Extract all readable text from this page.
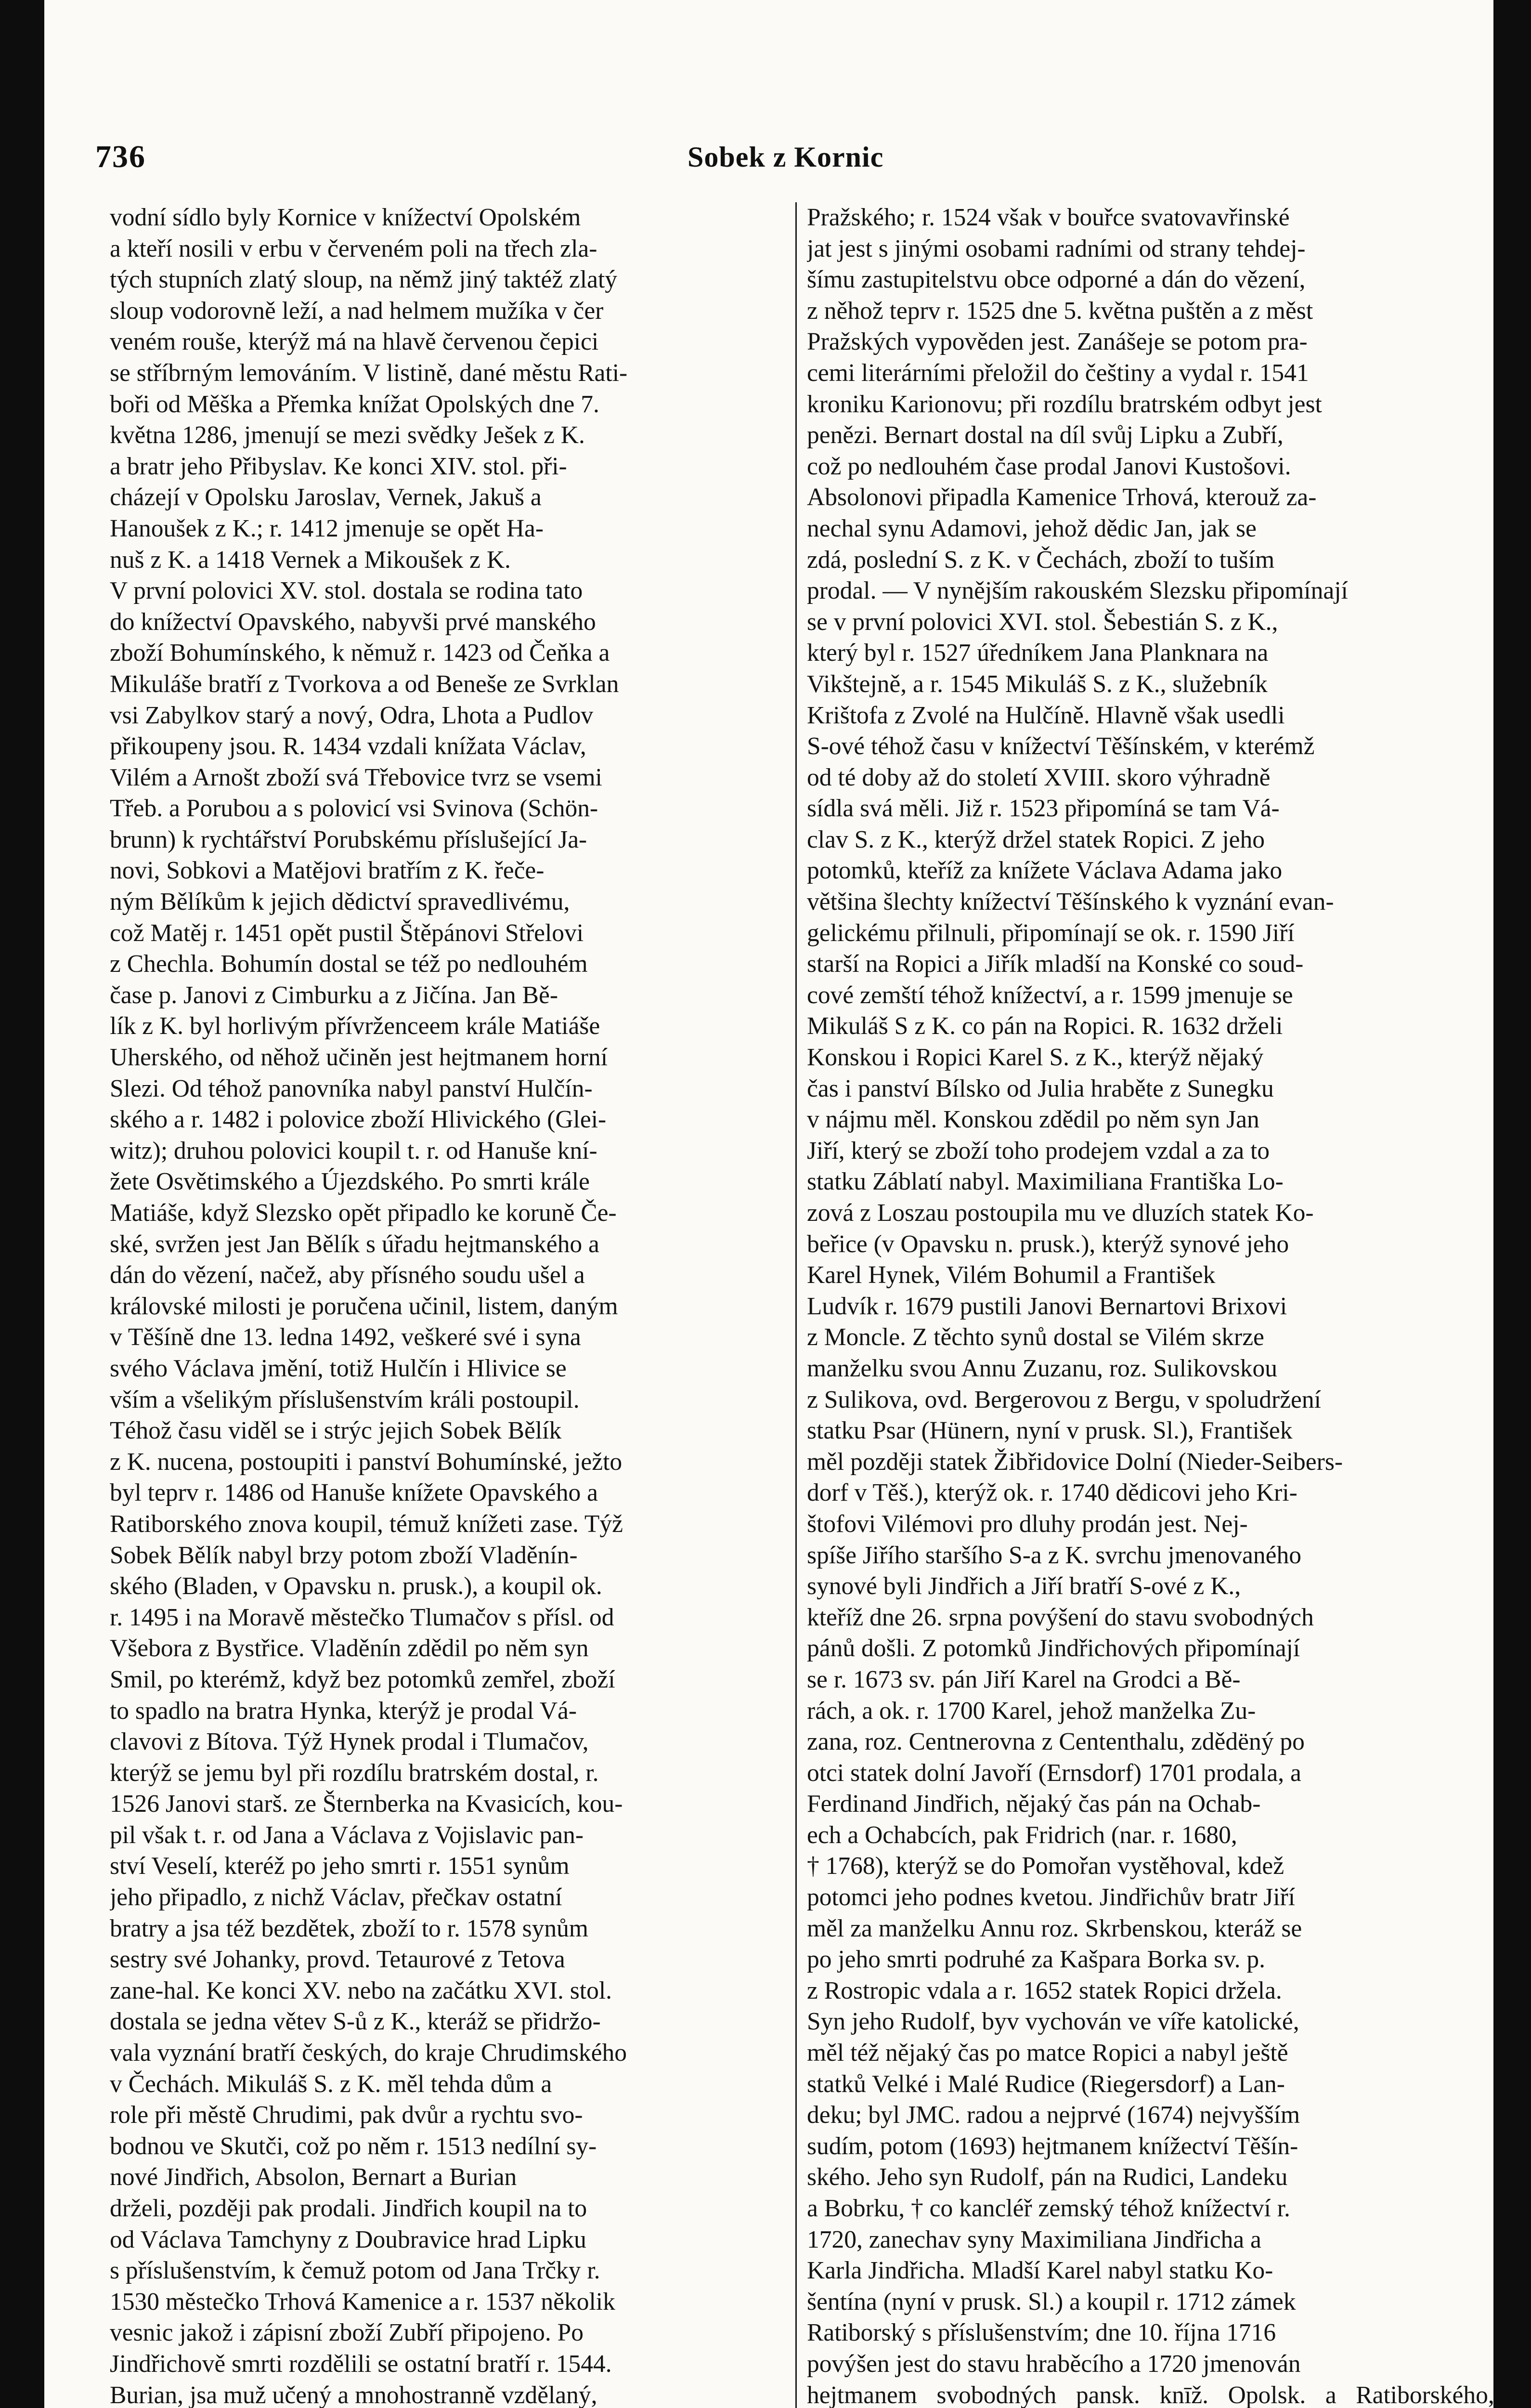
736	Sobek z Kornic
vodní sídlo byly Kornice v knížectví Opolském
a kteří nosili v erbu v červeném poli na třech zla-
tých stupních zlatý sloup, na němž jiný taktéž zlatý
sloup vodorovně leží, a nad helmem mužíka v čer
veném rouše, kterýž má na hlavě červenou čepici
se stříbrným lemováním. V listině, dané městu Rati-
boři od Měška a Přemka knížat Opolských dne 7.
května 1286, jmenují se mezi svědky Ješek z K.
a bratr jeho Přibyslav. Ke konci XIV. stol. při-
cházejí v Opolsku Jaroslav, Vernek, Jakuš a
Hanoušek z K.; r. 1412 jmenuje se opět Ha-
nuš z K. a 1418 Vernek a Mikoušek z K.
V první polovici XV. stol. dostala se rodina tato
do knížectví Opavského, nabyvši prvé manského
zboží Bohumínského, k němuž r. 1423 od Čeňka a
Mikuláše bratří z Tvorkova a od Beneše ze Svrklan
vsi Zabylkov starý a nový, Odra, Lhota a Pudlov
přikoupeny jsou. R. 1434 vzdali knížata Václav,
Vilém a Arnošt zboží svá Třebovice tvrz se vsemi
Třeb. a Porubou a s polovicí vsi Svinova (Schön-
brunn) k rychtářství Porubskému příslušející Ja-
novi, Sobkovi a Matějovi bratřím z K. řeče-
ným Bělíkům k jejich dědictví spravedlivému,
což Matěj r. 1451 opět pustil Štěpánovi Střelovi
z Chechla. Bohumín dostal se též po nedlouhém
čase p. Janovi z Cimburku a z Jičína. Jan Bě-
lík z K. byl horlivým přívrženceem krále Matiáše
Uherského, od něhož učiněn jest hejtmanem horní
Slezi. Od téhož panovníka nabyl panství Hulčín-
ského a r. 1482 i polovice zboží Hlivického (Glei-
witz); druhou polovici koupil t. r. od Hanuše kní-
žete Osvětimského a Újezdského. Po smrti krále
Matiáše, když Slezsko opět připadlo ke koruně Če-
ské, svržen jest Jan Bělík s úřadu hejtmanského a
dán do vězení, načež, aby přísného soudu ušel a
královské milosti je poručena učinil, listem, daným
v Těšíně dne 13. ledna 1492, veškeré své i syna
svého Václava jmění, totiž Hulčín i Hlivice se
vším a všelikým příslušenstvím králi postoupil.
Téhož času viděl se i strýc jejich Sobek Bělík
z K. nucena, postoupiti i panství Bohumínské, ježto
byl teprv r. 1486 od Hanuše knížete Opavského a
Ratiborského znova koupil, témuž knížeti zase. Týž
Sobek Bělík nabyl brzy potom zboží Vladěnín-
ského (Bladen, v Opavsku n. prusk.), a koupil ok.
r. 1495 i na Moravě městečko Tlumačov s přísl. od
Všebora z Bystřice. Vladěnín zdědil po něm syn
Smil, po kterémž, když bez potomků zemřel, zboží
to spadlo na bratra Hynka, kterýž je prodal Vá-
clavovi z Bítova. Týž Hynek prodal i Tlumačov,
kterýž se jemu byl při rozdílu bratrském dostal, r.
1526 Janovi starš. ze Šternberka na Kvasicích, kou-
pil však t. r. od Jana a Václava z Vojislavic pan-
ství Veselí, kteréž po jeho smrti r. 1551 synům
jeho připadlo, z nichž Václav, přečkav ostatní
bratry a jsa též bezdětek, zboží to r. 1578 synům
sestry své Johanky, provd. Tetaurové z Tetova
zane-hal. Ke konci XV. nebo na začátku XVI. stol.
dostala se jedna větev S-ů z K., kteráž se přidržo-
vala vyznání bratří českých, do kraje Chrudimského
v Čechách. Mikuláš S. z K. měl tehda dům a
role při městě Chrudimi, pak dvůr a rychtu svo-
bodnou ve Skutči, což po něm r. 1513 nedílní sy-
nové Jindřich, Absolon, Bernart a Burian
drželi, později pak prodali. Jindřich koupil na to
od Václava Tamchyny z Doubravice hrad Lipku
s příslušenstvím, k čemuž potom od Jana Trčky r.
1530 městečko Trhová Kamenice a r. 1537 několik
vesnic jakož i zápisní zboží Zubří připojeno. Po
Jindřichově smrti rozdělili se ostatní bratří r. 1544.
Burian, jsa muž učený a mnohostranně vzdělaný,
Pražského; r. 1524 však v bouřce svatovavřinské
jat jest s jinými osobami radními od strany tehdej-
šímu zastupitelstvu obce odporné a dán do vězení,
z něhož teprv r. 1525 dne 5. května puštěn a z měst
Pražských vypověden jest. Zanášeje se potom pra-
cemi literárními přeložil do češtiny a vydal r. 1541
kroniku Karionovu; při rozdílu bratrském odbyt jest
penězi. Bernart dostal na díl svůj Lipku a Zubří,
což po nedlouhém čase prodal Janovi Kustošovi.
Absolonovi připadla Kamenice Trhová, kterouž za-
nechal synu Adamovi, jehož dědic Jan, jak se
zdá, poslední S. z K. v Čechách, zboží to tuším
prodal. — V nynějším rakouském Slezsku připomínají
se v první polovici XVI. stol. Šebestián S. z K.,
který byl r. 1527 úředníkem Jana Planknara na
Vikštejně, a r. 1545 Mikuláš S. z K., služebník
Krištofa z Zvolé na Hulčíně. Hlavně však usedli
S-ové téhož času v knížectví Těšínském, v kterémž
od té doby až do století XVIII. skoro výhradně
sídla svá měli. Již r. 1523 připomíná se tam Vá-
clav S. z K., kterýž držel statek Ropici. Z jeho
potomků, kteříž za knížete Václava Adama jako
většina šlechty knížectví Těšínského k vyznání evan-
gelickému přilnuli, připomínají se ok. r. 1590 Jiří
starší na Ropici a Jiřík mladší na Konské co soud-
cové zemští téhož knížectví, a r. 1599 jmenuje se
Mikuláš S z K. co pán na Ropici. R. 1632 drželi
Konskou i Ropici Karel S. z K., kterýž nějaký
čas i panství Bílsko od Julia hraběte z Sunegku
v nájmu měl. Konskou zdědil po něm syn Jan
Jiří, který se zboží toho prodejem vzdal a za to
statku Záblatí nabyl. Maximiliana Františka Lo-
zová z Loszau postoupila mu ve dluzích statek Ko-
beřice (v Opavsku n. prusk.), kterýž synové jeho
Karel Hynek, Vilém Bohumil a František
Ludvík r. 1679 pustili Janovi Bernartovi Brixovi
z Moncle. Z těchto synů dostal se Vilém skrze
manželku svou Annu Zuzanu, roz. Sulikovskou
z Sulikova, ovd. Bergerovou z Bergu, v spoludržení
statku Psar (Hünern, nyní v prusk. Sl.), František
měl později statek Žibřidovice Dolní (Nieder-Seibers-
dorf v Těš.), kterýž ok. r. 1740 dědicovi jeho Kri-
štofovi Vilémovi pro dluhy prodán jest. Nej-
spíše Jiřího staršího S-a z K. svrchu jmenovaného
synové byli Jindřich a Jiří bratří S-ové z K.,
kteříž dne 26. srpna povýšení do stavu svobodných
pánů došli. Z potomků Jindřichových připomínají
se r. 1673 sv. pán Jiří Karel na Grodci a Bě-
rách, a ok. r. 1700 Karel, jehož manželka Zu-
zana, roz. Centnerovna z Cententhalu, zdědëný po
otci statek dolní Javoří (Ernsdorf) 1701 prodala, a
Ferdinand Jindřich, nějaký čas pán na Ochab-
ech a Ochabcích, pak Fridrich (nar. r. 1680,
† 1768), kterýž se do Pomořan vystěhoval, kdež
potomci jeho podnes kvetou. Jindřichův bratr Jiří
měl za manželku Annu roz. Skrbenskou, kteráž se
po jeho smrti podruhé za Kašpara Borka sv. p.
z Rostropic vdala a r. 1652 statek Ropici držela.
Syn jeho Rudolf, byv vychován ve víře katolické,
měl též nějaký čas po matce Ropici a nabyl ještě
statků Velké i Malé Rudice (Riegersdorf) a Lan-
deku; byl JMC. radou a nejprvé (1674) nejvyšším
sudím, potom (1693) hejtmanem knížectví Těšín-
ského. Jeho syn Rudolf, pán na Rudici, Landeku
a Bobrku, † co kancléř zemský téhož knížectví r.
1720, zanechav syny Maximiliana Jindřicha a
Karla Jindřicha. Mladší Karel nabyl statku Ko-
šentína (nyní v prusk. Sl.) a koupil r. 1712 zámek
Ratiborský s příslušenstvím; dne 10. října 1716
povýšen jest do stavu hraběcího a 1720 jmenován
hejtmanem svobodných pansk. knīž. Opolsk. a Ratiborského,
